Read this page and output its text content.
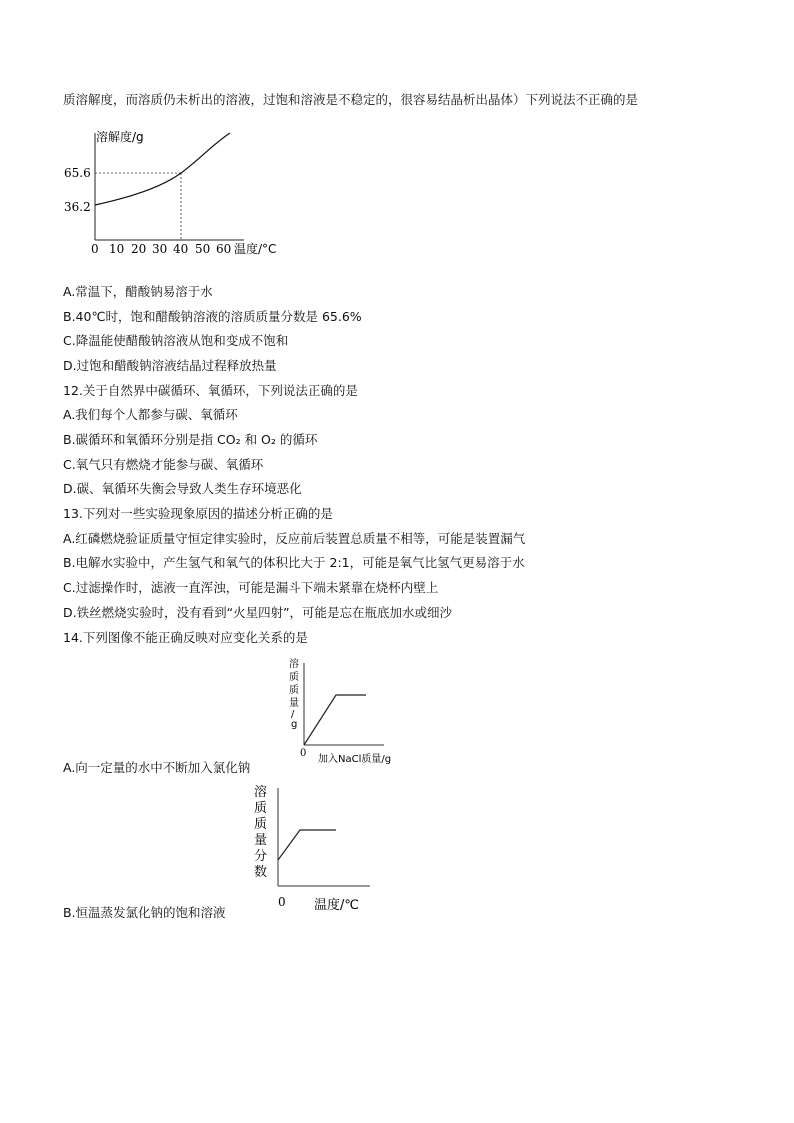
质溶解度，而溶质仍未析出的溶液，过饱和溶液是不稳定的，很容易结晶析出晶体）下列说法不正确的是
溶解度/g
65.6
36.2
0 10 20 30 40 50 60 温度/°C
A.常温下，醋酸钠易溶于水
B.40℃时，饱和醋酸钠溶液的溶质质量分数是 65.6%
C.降温能使醋酸钠溶液从饱和变成不饱和
D.过饱和醋酸钠溶液结晶过程释放热量
12.关于自然界中碳循环、氧循环，下列说法正确的是
A.我们每个人都参与碳、氧循环
B.碳循环和氧循环分别是指 CO₂ 和 O₂ 的循环
C.氧气只有燃烧才能参与碳、氧循环
D.碳、氧循环失衡会导致人类生存环境恶化
13.下列对一些实验现象原因的描述分析正确的是
A.红磷燃烧验证质量守恒定律实验时，反应前后装置总质量不相等，可能是装置漏气
B.电解水实验中，产生氢气和氧气的体积比大于 2:1，可能是氧气比氢气更易溶于水
C.过滤操作时，滤液一直浑浊，可能是漏斗下端未紧靠在烧杯内壁上
D.铁丝燃烧实验时，没有看到“火星四射”，可能是忘在瓶底加水或细沙
14.下列图像不能正确反映对应变化关系的是
溶质质量/ g
0
加入NaCl质量/g
A.向一定量的水中不断加入氯化钠
溶质质量分数
0 温度/℃
B.恒温蒸发氯化钠的饱和溶液
